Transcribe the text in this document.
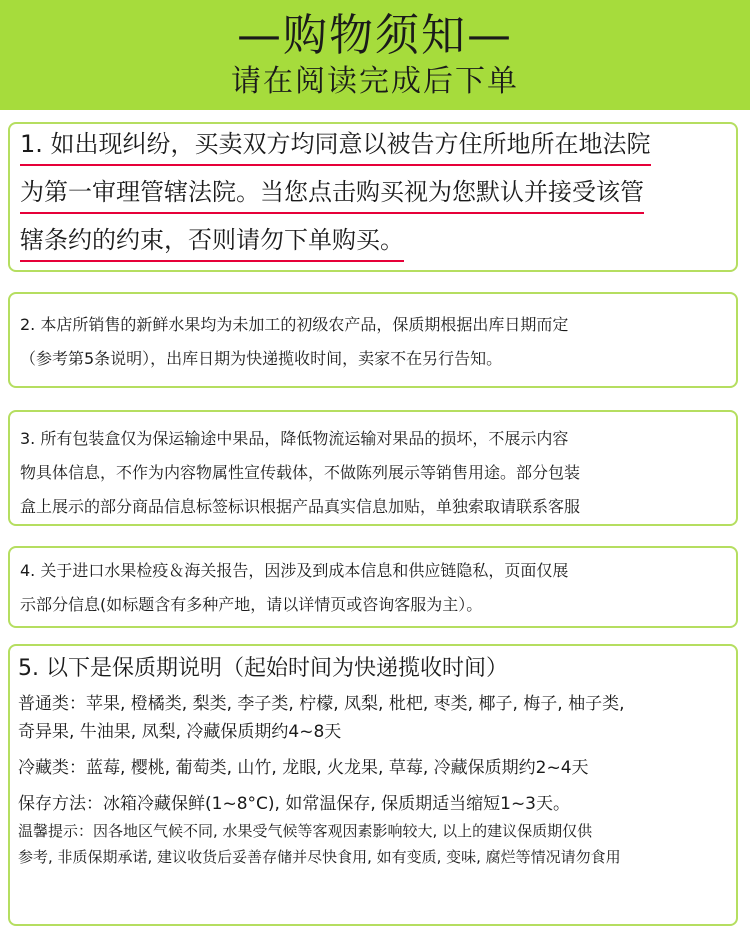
—购物须知—
请在阅读完成后下单
1. 如出现纠纷，买卖双方均同意以被告方住所地所在地法院
为第一审理管辖法院。当您点击购买视为您默认并接受该管
辖条约的约束，否则请勿下单购买。
2. 本店所销售的新鲜水果均为未加工的初级农产品，保质期根据出库日期而定
（参考第5条说明），出库日期为快递揽收时间，卖家不在另行告知。
3. 所有包装盒仅为保运输途中果品，降低物流运输对果品的损坏，不展示内容
物具体信息，不作为内容物属性宣传载体，不做陈列展示等销售用途。部分包装
盒上展示的部分商品信息标签标识根据产品真实信息加贴，单独索取请联系客服
4. 关于进口水果检疫＆海关报告，因涉及到成本信息和供应链隐私，页面仅展
示部分信息(如标题含有多种产地，请以详情页或咨询客服为主）。
5. 以下是保质期说明（起始时间为快递揽收时间）
普通类：苹果, 橙橘类, 梨类, 李子类, 柠檬, 凤梨, 枇杷, 枣类, 椰子, 梅子, 柚子类,
奇异果, 牛油果, 凤梨, 冷藏保质期约4~8天
冷藏类：蓝莓, 樱桃, 葡萄类, 山竹, 龙眼, 火龙果, 草莓, 冷藏保质期约2~4天
保存方法：冰箱冷藏保鲜(1~8°C), 如常温保存, 保质期适当缩短1~3天。
温馨提示：因各地区气候不同, 水果受气候等客观因素影响较大, 以上的建议保质期仅供
参考, 非质保期承诺, 建议收货后妥善存储并尽快食用, 如有变质, 变味, 腐烂等情况请勿食用
